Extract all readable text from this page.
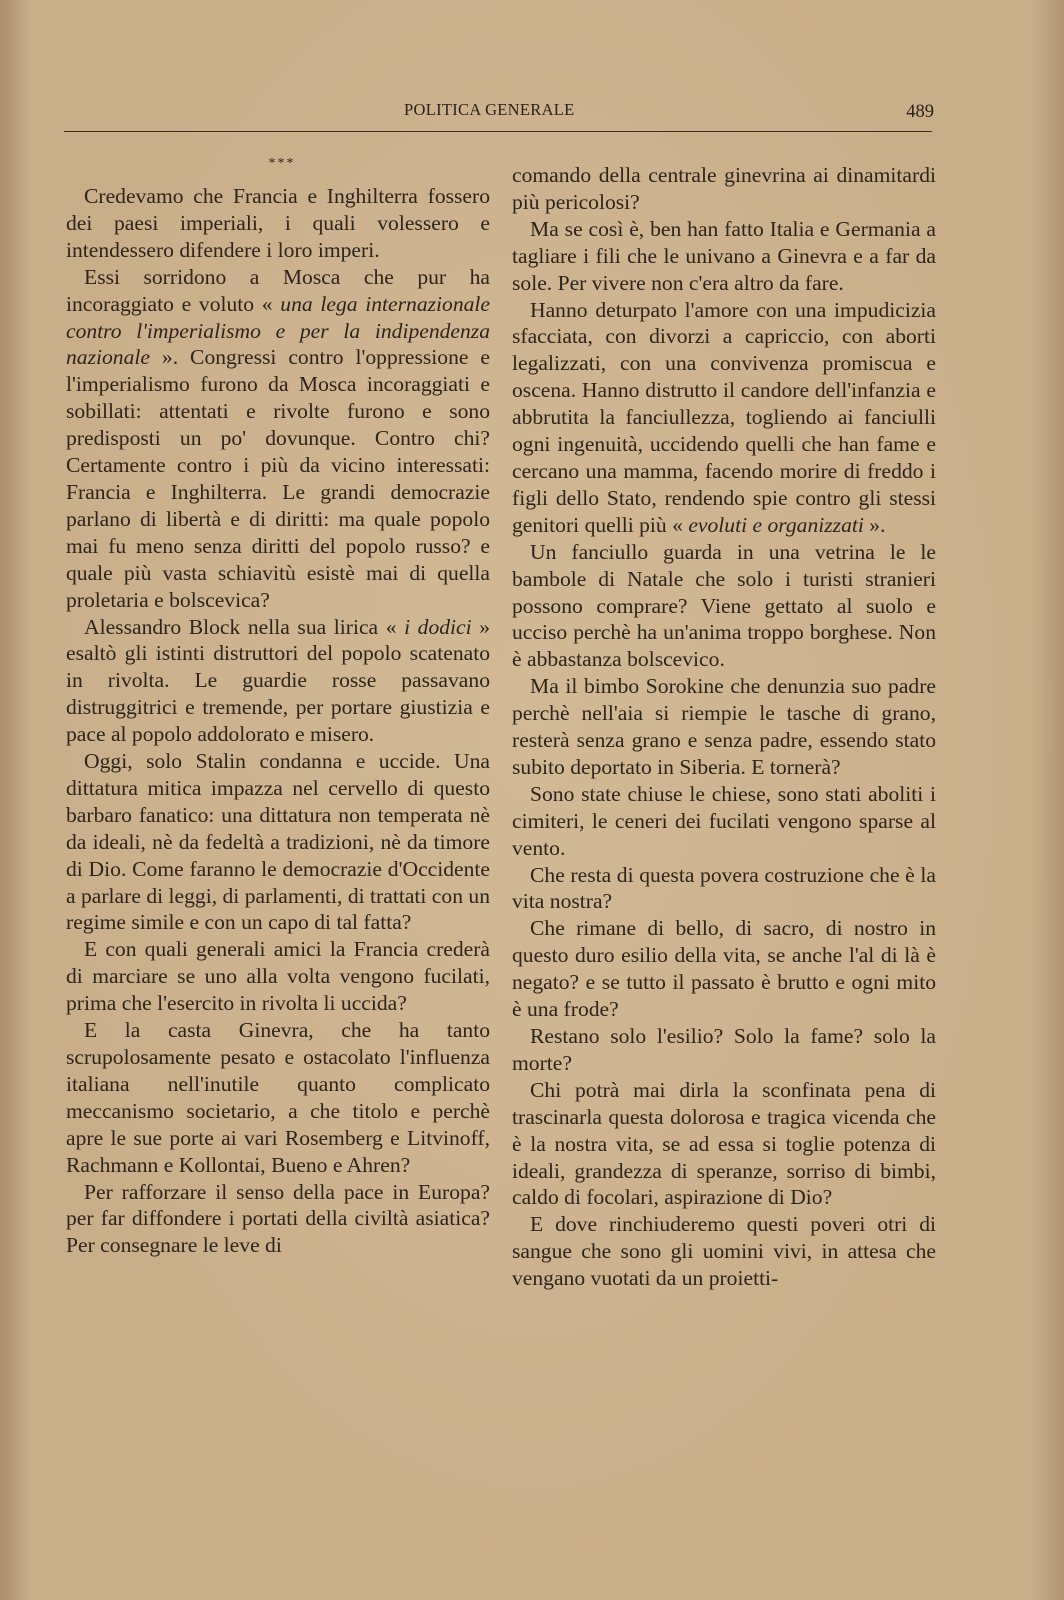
POLITICA GENERALE	489
***

Credevamo che Francia e Inghilterra fossero dei paesi imperiali, i quali volessero e intendessero difendere i loro imperi.

Essi sorridono a Mosca che pur ha incoraggiato e voluto « una lega internazionale contro l'imperialismo e per la indipendenza nazionale ». Congressi contro l'oppressione e l'imperialismo furono da Mosca incoraggiati e sobillati: attentati e rivolte furono e sono predisposti un po' dovunque. Contro chi? Certamente contro i più da vicino interessati: Francia e Inghilterra. Le grandi democrazie parlano di libertà e di diritti: ma quale popolo mai fu meno senza diritti del popolo russo? e quale più vasta schiavitù esistè mai di quella proletaria e bolscevica?

Alessandro Block nella sua lirica « i dodici » esaltò gli istinti distruttori del popolo scatenato in rivolta. Le guardie rosse passavano distruggitrici e tremende, per portare giustizia e pace al popolo addolorato e misero.

Oggi, solo Stalin condanna e uccide. Una dittatura mitica impazza nel cervello di questo barbaro fanatico: una dittatura non temperata nè da ideali, nè da fedeltà a tradizioni, nè da timore di Dio. Come faranno le democrazie d'Occidente a parlare di leggi, di parlamenti, di trattati con un regime simile e con un capo di tal fatta?

E con quali generali amici la Francia crederà di marciare se uno alla volta vengono fucilati, prima che l'esercito in rivolta li uccida?

E la casta Ginevra, che ha tanto scrupolosamente pesato e ostacolato l'influenza italiana nell'inutile quanto complicato meccanismo societario, a che titolo e perchè apre le sue porte ai vari Rosemberg e Litvinoff, Rachmann e Kollontai, Bueno e Ahren?

Per rafforzare il senso della pace in Europa? per far diffondere i portati della civiltà asiatica? Per consegnare le leve di

comando della centrale ginevrina ai dinamitardi più pericolosi?

Ma se così è, ben han fatto Italia e Germania a tagliare i fili che le univano a Ginevra e a far da sole. Per vivere non c'era altro da fare.

Hanno deturpato l'amore con una impudicizia sfacciata, con divorzi a capriccio, con aborti legalizzati, con una convivenza promiscua e oscena. Hanno distrutto il candore dell'infanzia e abbrutita la fanciullezza, togliendo ai fanciulli ogni ingenuità, uccidendo quelli che han fame e cercano una mamma, facendo morire di freddo i figli dello Stato, rendendo spie contro gli stessi genitori quelli più « evoluti e organizzati ».

Un fanciullo guarda in una vetrina le le bambole di Natale che solo i turisti stranieri possono comprare? Viene gettato al suolo e ucciso perchè ha un'anima troppo borghese. Non è abbastanza bolscevico.

Ma il bimbo Sorokine che denunzia suo padre perchè nell'aia si riempie le tasche di grano, resterà senza grano e senza padre, essendo stato subito deportato in Siberia. E tornerà?

Sono state chiuse le chiese, sono stati aboliti i cimiteri, le ceneri dei fucilati vengono sparse al vento.

Che resta di questa povera costruzione che è la vita nostra?

Che rimane di bello, di sacro, di nostro in questo duro esilio della vita, se anche l'al di là è negato? e se tutto il passato è brutto e ogni mito è una frode?

Restano solo l'esilio? Solo la fame? solo la morte?

Chi potrà mai dirla la sconfinata pena di trascinarla questa dolorosa e tragica vicenda che è la nostra vita, se ad essa si toglie potenza di ideali, grandezza di speranze, sorriso di bimbi, caldo di focolari, aspirazione di Dio?

E dove rinchiuderemo questi poveri otri di sangue che sono gli uomini vivi, in attesa che vengano vuotati da un proietti-
